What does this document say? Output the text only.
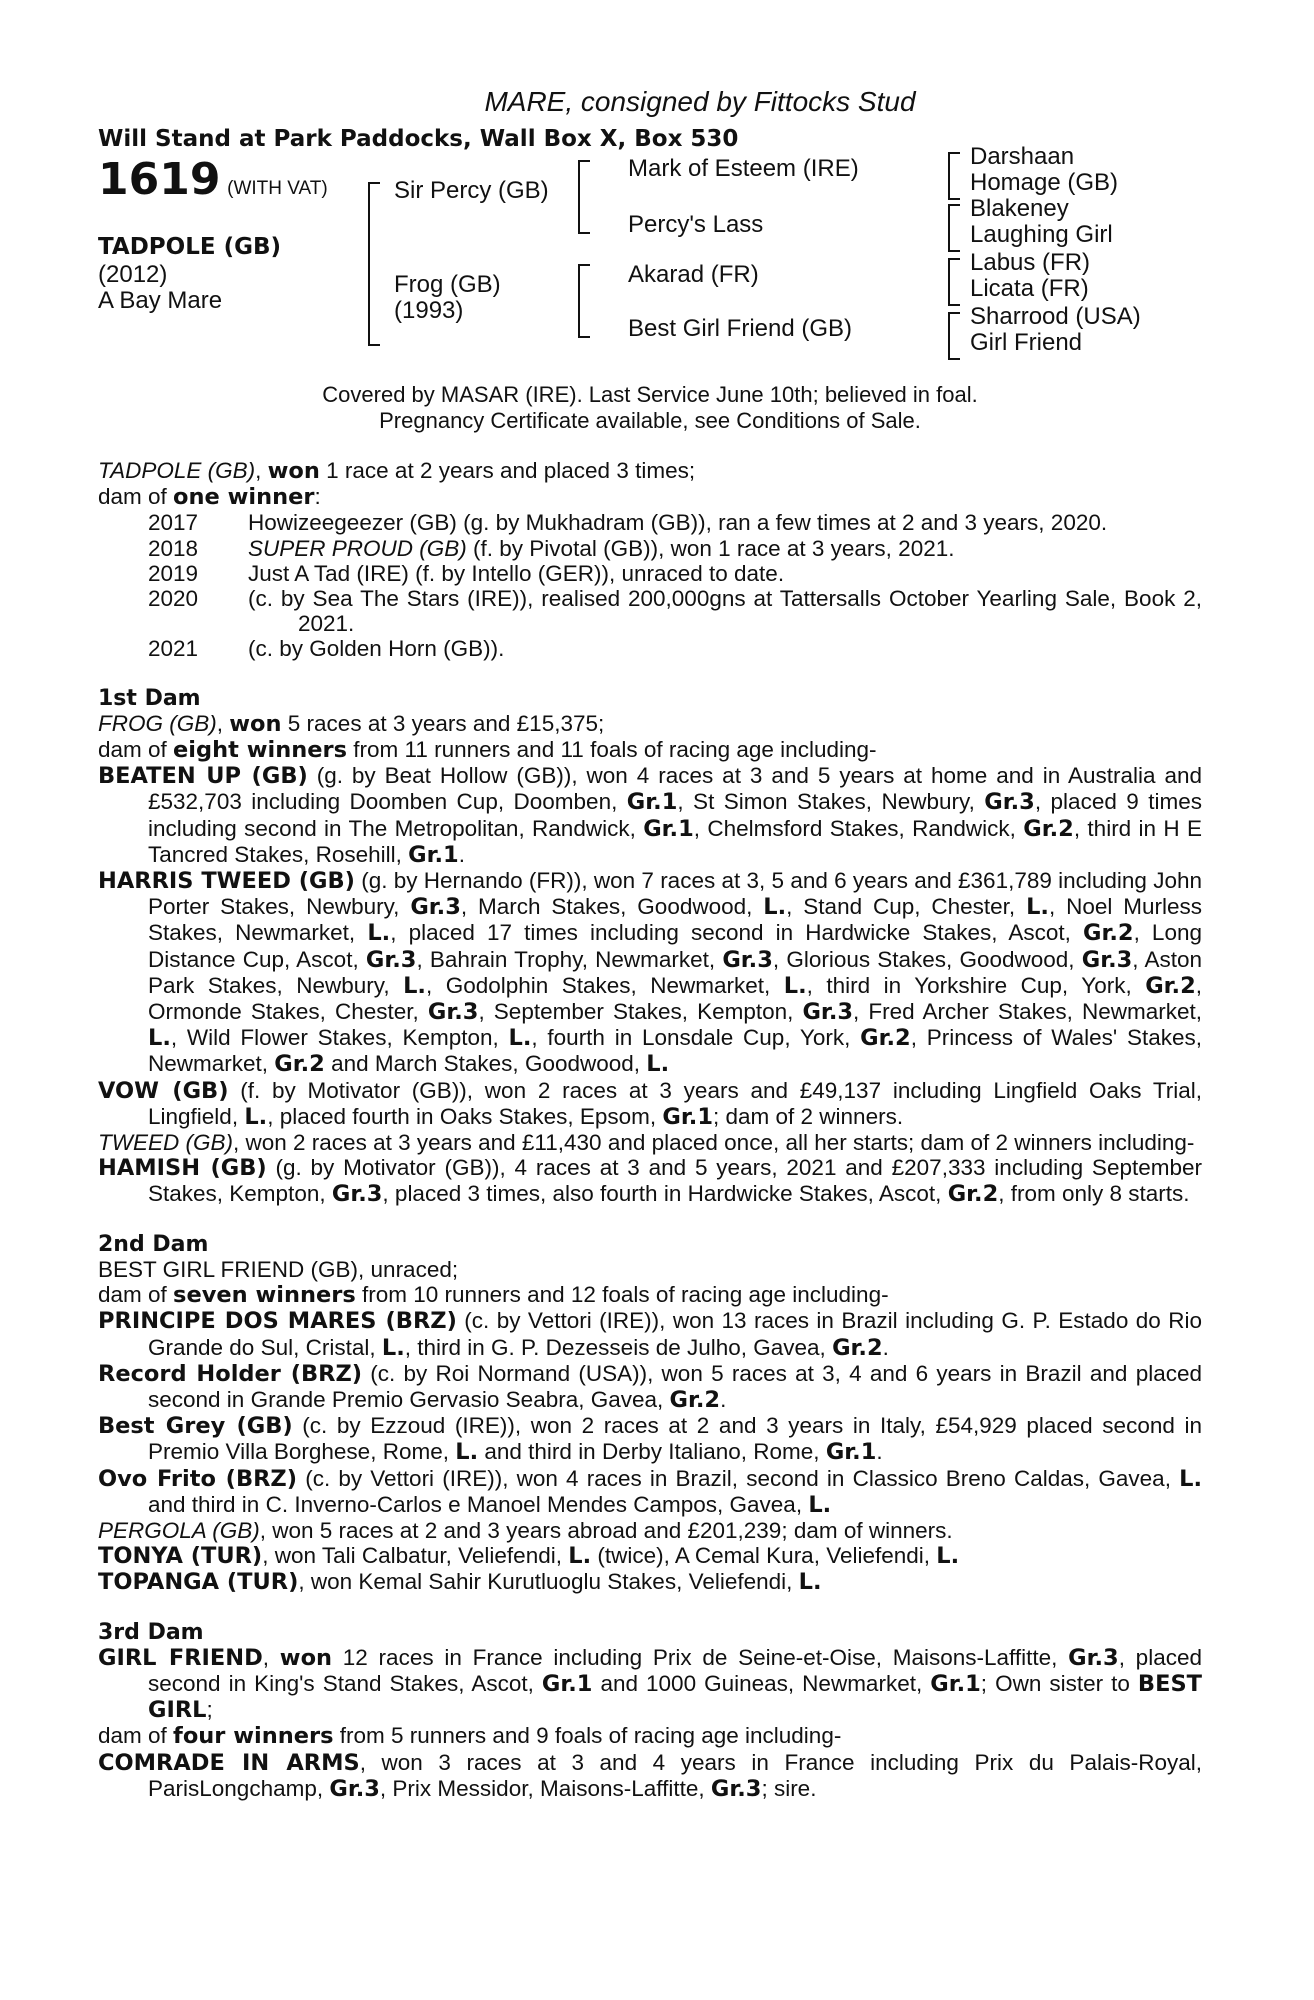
MARE, consigned by Fittocks Stud
Will Stand at Park Paddocks, Wall Box X, Box 530
1619 (WITH VAT)
TADPOLE (GB)
(2012)
A Bay Mare
Sir Percy (GB)
Frog (GB)
(1993)
Mark of Esteem (IRE)
Percy's Lass
Akarad (FR)
Best Girl Friend (GB)
Darshaan
Homage (GB)
Blakeney
Laughing Girl
Labus (FR)
Licata (FR)
Sharrood (USA)
Girl Friend
Covered by MASAR (IRE). Last Service June 10th; believed in foal.
Pregnancy Certificate available, see Conditions of Sale.

TADPOLE (GB), won 1 race at 2 years and placed 3 times;

dam of one winner:

2017	Howizeegeezer (GB) (g. by Mukhadram (GB)), ran a few times at 2 and 3 years, 2020.
2018	SUPER PROUD (GB) (f. by Pivotal (GB)), won 1 race at 3 years, 2021.
2019	Just A Tad (IRE) (f. by Intello (GER)), unraced to date.
2020	(c. by Sea The Stars (IRE)), realised 200,000gns at Tattersalls October Yearling Sale, Book 2, 2021.
2021	(c. by Golden Horn (GB)).

1st Dam

FROG (GB), won 5 races at 3 years and £15,375;

dam of eight winners from 11 runners and 11 foals of racing age including-

BEATEN UP (GB) (g. by Beat Hollow (GB)), won 4 races at 3 and 5 years at home and in Australia and £532,703 including Doomben Cup, Doomben, Gr.1, St Simon Stakes, Newbury, Gr.3, placed 9 times including second in The Metropolitan, Randwick, Gr.1, Chelmsford Stakes, Randwick, Gr.2, third in H E Tancred Stakes, Rosehill, Gr.1.

HARRIS TWEED (GB) (g. by Hernando (FR)), won 7 races at 3, 5 and 6 years and £361,789 including John Porter Stakes, Newbury, Gr.3, March Stakes, Goodwood, L., Stand Cup, Chester, L., Noel Murless Stakes, Newmarket, L., placed 17 times including second in Hardwicke Stakes, Ascot, Gr.2, Long Distance Cup, Ascot, Gr.3, Bahrain Trophy, Newmarket, Gr.3, Glorious Stakes, Goodwood, Gr.3, Aston Park Stakes, Newbury, L., Godolphin Stakes, Newmarket, L., third in Yorkshire Cup, York, Gr.2, Ormonde Stakes, Chester, Gr.3, September Stakes, Kempton, Gr.3, Fred Archer Stakes, Newmarket, L., Wild Flower Stakes, Kempton, L., fourth in Lonsdale Cup, York, Gr.2, Princess of Wales' Stakes, Newmarket, Gr.2 and March Stakes, Goodwood, L.

VOW (GB) (f. by Motivator (GB)), won 2 races at 3 years and £49,137 including Lingfield Oaks Trial, Lingfield, L., placed fourth in Oaks Stakes, Epsom, Gr.1; dam of 2 winners.

TWEED (GB), won 2 races at 3 years and £11,430 and placed once, all her starts; dam of 2 winners including-

HAMISH (GB) (g. by Motivator (GB)), 4 races at 3 and 5 years, 2021 and £207,333 including September Stakes, Kempton, Gr.3, placed 3 times, also fourth in Hardwicke Stakes, Ascot, Gr.2, from only 8 starts.

2nd Dam

BEST GIRL FRIEND (GB), unraced;

dam of seven winners from 10 runners and 12 foals of racing age including-

PRINCIPE DOS MARES (BRZ) (c. by Vettori (IRE)), won 13 races in Brazil including G. P. Estado do Rio Grande do Sul, Cristal, L., third in G. P. Dezesseis de Julho, Gavea, Gr.2.

Record Holder (BRZ) (c. by Roi Normand (USA)), won 5 races at 3, 4 and 6 years in Brazil and placed second in Grande Premio Gervasio Seabra, Gavea, Gr.2.

Best Grey (GB) (c. by Ezzoud (IRE)), won 2 races at 2 and 3 years in Italy, £54,929 placed second in Premio Villa Borghese, Rome, L. and third in Derby Italiano, Rome, Gr.1.

Ovo Frito (BRZ) (c. by Vettori (IRE)), won 4 races in Brazil, second in Classico Breno Caldas, Gavea, L. and third in C. Inverno-Carlos e Manoel Mendes Campos, Gavea, L.

PERGOLA (GB), won 5 races at 2 and 3 years abroad and £201,239; dam of winners.

TONYA (TUR), won Tali Calbatur, Veliefendi, L. (twice), A Cemal Kura, Veliefendi, L.

TOPANGA (TUR), won Kemal Sahir Kurutluoglu Stakes, Veliefendi, L.

3rd Dam

GIRL FRIEND, won 12 races in France including Prix de Seine-et-Oise, Maisons-Laffitte, Gr.3, placed second in King's Stand Stakes, Ascot, Gr.1 and 1000 Guineas, Newmarket, Gr.1; Own sister to BEST GIRL;

dam of four winners from 5 runners and 9 foals of racing age including-

COMRADE IN ARMS, won 3 races at 3 and 4 years in France including Prix du Palais-Royal, ParisLongchamp, Gr.3, Prix Messidor, Maisons-Laffitte, Gr.3; sire.
